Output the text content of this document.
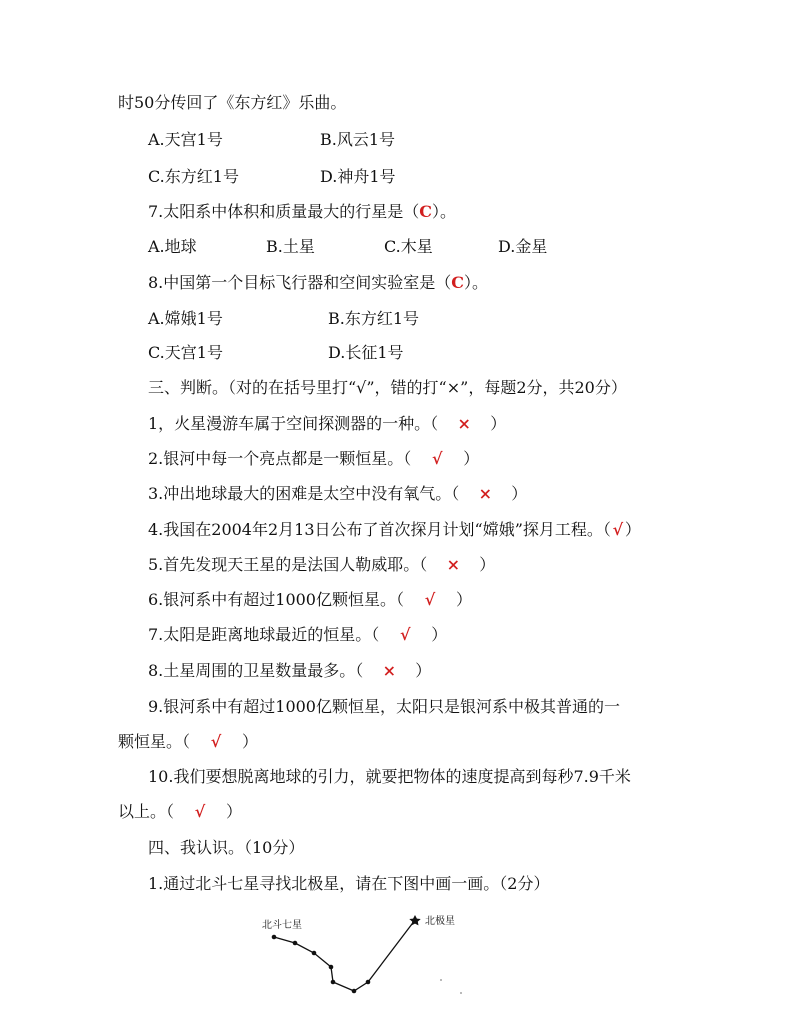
时50分传回了《东方红》乐曲。
A.天宫1号	B.风云1号
C.东方红1号	D.神舟1号
7.太阳系中体积和质量最大的行星是（C）。
A.地球	B.土星	C.木星	D.金星
8.中国第一个目标飞行器和空间实验室是（C）。
A.嫦娥1号	B.东方红1号
C.天宫1号	D.长征1号
三、判断。（对的在括号里打“√”，错的打“×”，每题2分，共20分）
1，火星漫游车属于空间探测器的一种。（ × ）
2.银河中每一个亮点都是一颗恒星。（ √ ）
3.冲出地球最大的困难是太空中没有氧气。（ × ）
4.我国在2004年2月13日公布了首次探月计划“嫦娥”探月工程。（ √ ）
5.首先发现天王星的是法国人勒威耶。（ × ）
6.银河系中有超过1000亿颗恒星。（ √ ）
7.太阳是距离地球最近的恒星。（ √ ）
8.土星周围的卫星数量最多。（ × ）
9.银河系中有超过1000亿颗恒星，太阳只是银河系中极其普通的一
颗恒星。（ √ ）
10.我们要想脱离地球的引力，就要把物体的速度提高到每秒7.9千米
以上。（ √ ）
四、我认识。（10分）
1.通过北斗七星寻找北极星，请在下图中画一画。（2分）
北斗七星	北极星
